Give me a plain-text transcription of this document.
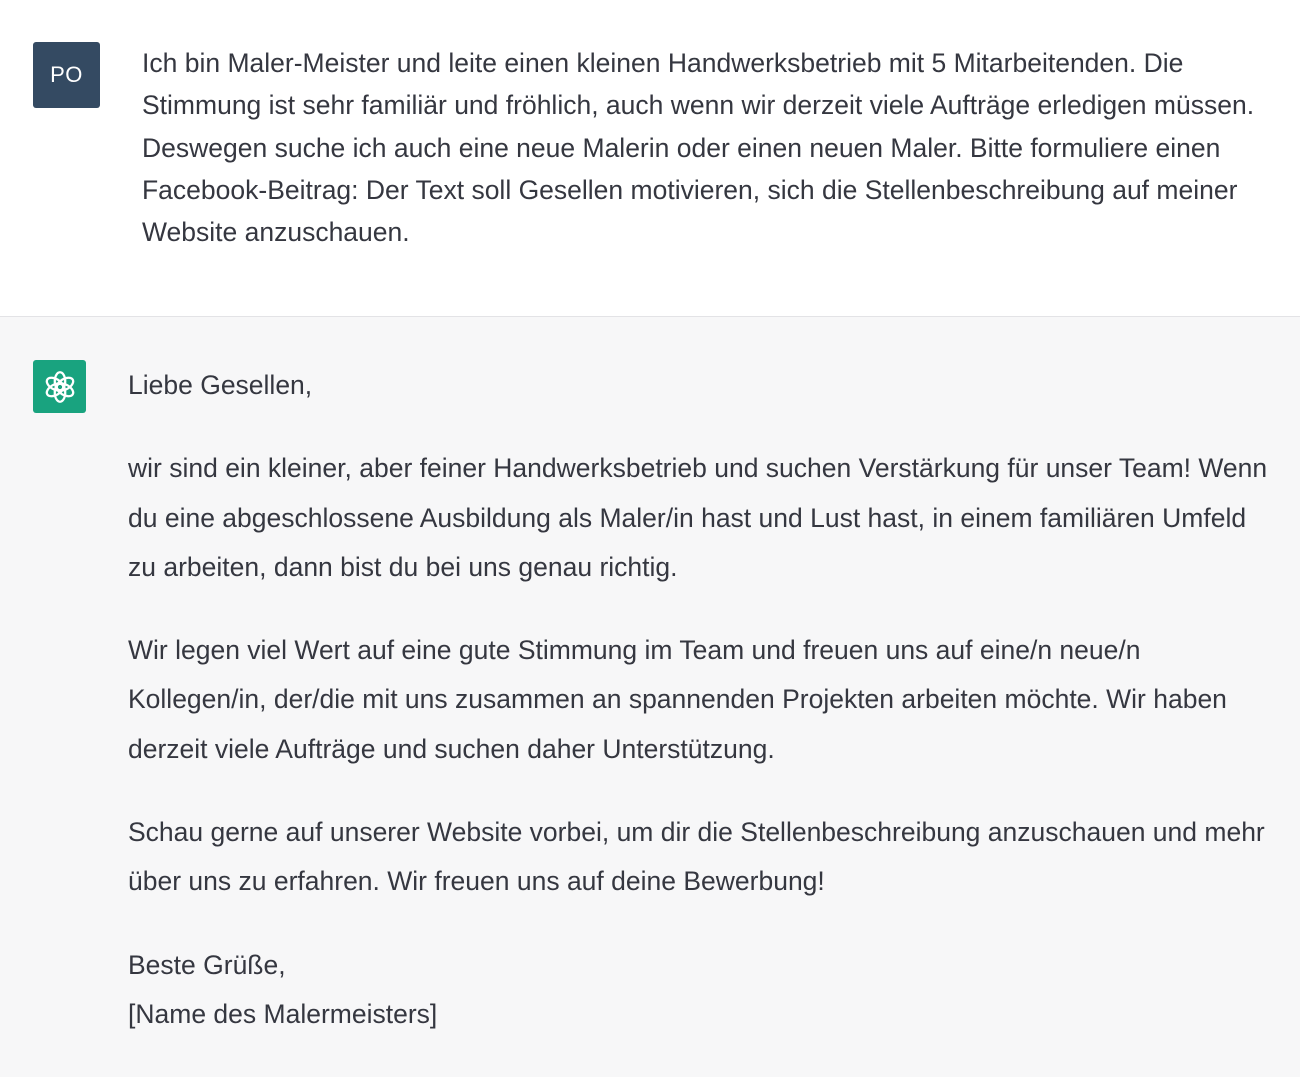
PO	Ich bin Maler-Meister und leite einen kleinen Handwerksbetrieb mit 5 Mitarbeitenden. Die Stimmung ist sehr familiär und fröhlich, auch wenn wir derzeit viele Aufträge erledigen müssen. Deswegen suche ich auch eine neue Malerin oder einen neuen Maler. Bitte formuliere einen Facebook-Beitrag: Der Text soll Gesellen motivieren, sich die Stellenbeschreibung auf meiner Website anzuschauen.

Liebe Gesellen,

wir sind ein kleiner, aber feiner Handwerksbetrieb und suchen Verstärkung für unser Team! Wenn du eine abgeschlossene Ausbildung als Maler/in hast und Lust hast, in einem familiären Umfeld zu arbeiten, dann bist du bei uns genau richtig.

Wir legen viel Wert auf eine gute Stimmung im Team und freuen uns auf eine/n neue/n Kollegen/in, der/die mit uns zusammen an spannenden Projekten arbeiten möchte. Wir haben derzeit viele Aufträge und suchen daher Unterstützung.

Schau gerne auf unserer Website vorbei, um dir die Stellenbeschreibung anzuschauen und mehr über uns zu erfahren. Wir freuen uns auf deine Bewerbung!

Beste Grüße,

[Name des Malermeisters]
